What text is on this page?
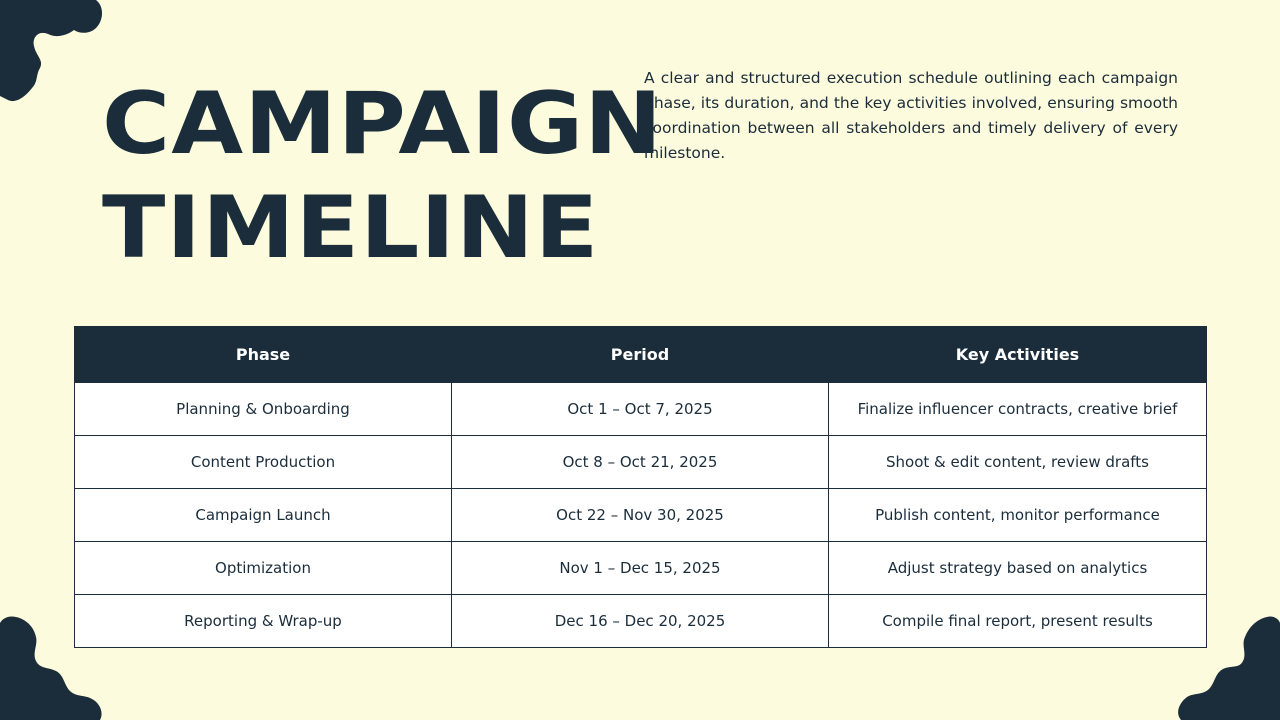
CAMPAIGN
TIMELINE

A clear and structured execution schedule outlining each campaign phase, its duration, and the key activities involved, ensuring smooth coordination between all stakeholders and timely delivery of every milestone.

Phase	Period	Key Activities
Planning & Onboarding	Oct 1 – Oct 7, 2025	Finalize influencer contracts, creative brief
Content Production	Oct 8 – Oct 21, 2025	Shoot & edit content, review drafts
Campaign Launch	Oct 22 – Nov 30, 2025	Publish content, monitor performance
Optimization	Nov 1 – Dec 15, 2025	Adjust strategy based on analytics
Reporting & Wrap-up	Dec 16 – Dec 20, 2025	Compile final report, present results
